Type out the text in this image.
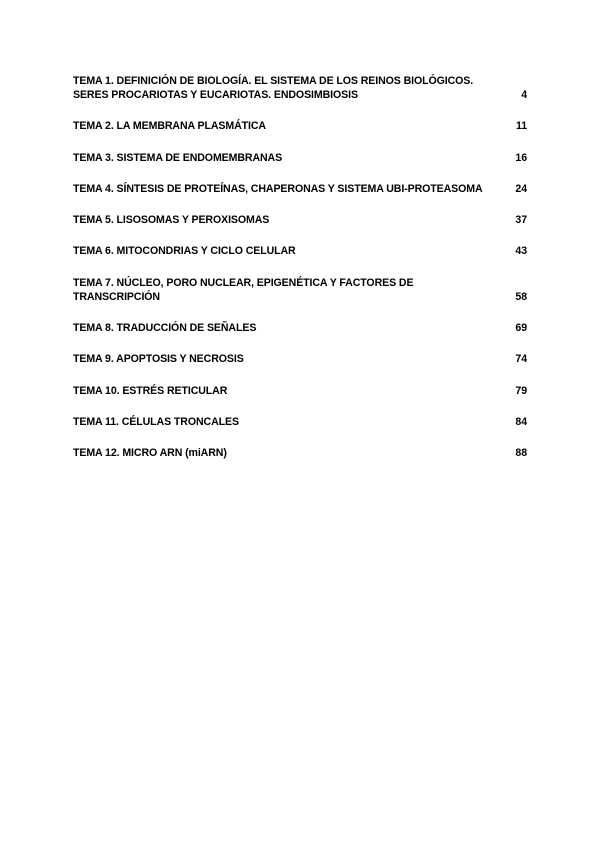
TEMA 1. DEFINICIÓN DE BIOLOGÍA. EL SISTEMA DE LOS REINOS BIOLÓGICOS.
SERES PROCARIOTAS Y EUCARIOTAS. ENDOSIMBIOSIS	4
TEMA 2. LA MEMBRANA PLASMÁTICA	11
TEMA 3. SISTEMA DE ENDOMEMBRANAS	16
TEMA 4. SÍNTESIS DE PROTEÍNAS, CHAPERONAS Y SISTEMA UBI-PROTEASOMA	24
TEMA 5. LISOSOMAS Y PEROXISOMAS	37
TEMA 6. MITOCONDRIAS Y CICLO CELULAR	43
TEMA 7. NÚCLEO, PORO NUCLEAR, EPIGENÉTICA Y FACTORES DE
TRANSCRIPCIÓN	58
TEMA 8. TRADUCCIÓN DE SEÑALES	69
TEMA 9. APOPTOSIS Y NECROSIS	74
TEMA 10. ESTRÉS RETICULAR	79
TEMA 11. CÉLULAS TRONCALES	84
TEMA 12. MICRO ARN (miARN)	88
